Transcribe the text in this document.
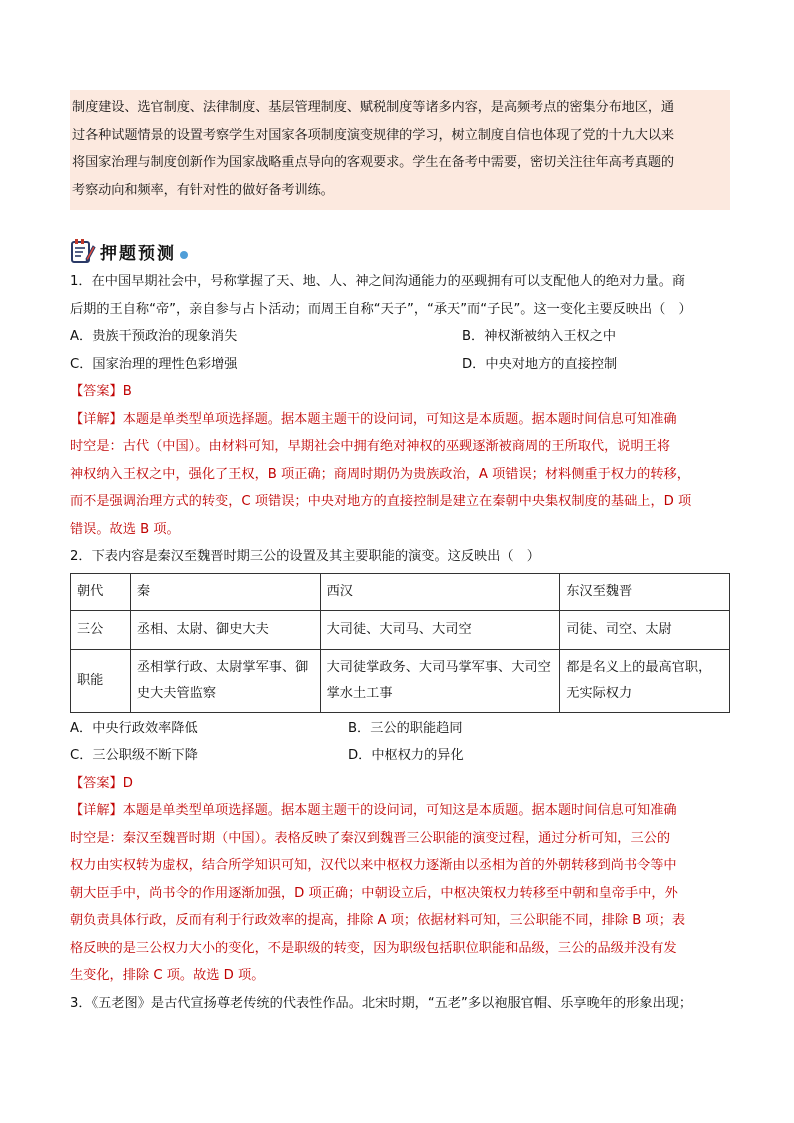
制度建设、选官制度、法律制度、基层管理制度、赋税制度等诸多内容，是高频考点的密集分布地区，通
过各种试题情景的设置考察学生对国家各项制度演变规律的学习，树立制度自信也体现了党的十九大以来
将国家治理与制度创新作为国家战略重点导向的客观要求。学生在备考中需要，密切关注往年高考真题的
考察动向和频率，有针对性的做好备考训练。
押题预测
1．在中国早期社会中，号称掌握了天、地、人、神之间沟通能力的巫觋拥有可以支配他人的绝对力量。商
后期的王自称“帝”，亲自参与占卜活动；而周王自称“天子”，“承天”而“子民”。这一变化主要反映出（　）
A．贵族干预政治的现象消失	B．神权渐被纳入王权之中
C．国家治理的理性色彩增强	D．中央对地方的直接控制
【答案】B
【详解】本题是单类型单项选择题。据本题主题干的设问词，可知这是本质题。据本题时间信息可知准确
时空是：古代（中国）。由材料可知，早期社会中拥有绝对神权的巫觋逐渐被商周的王所取代，说明王将
神权纳入王权之中，强化了王权，B 项正确；商周时期仍为贵族政治，A 项错误；材料侧重于权力的转移，
而不是强调治理方式的转变，C 项错误；中央对地方的直接控制是建立在秦朝中央集权制度的基础上，D 项
错误。故选 B 项。
2．下表内容是秦汉至魏晋时期三公的设置及其主要职能的演变。这反映出（　）
朝代	秦	西汉	东汉至魏晋
三公	丞相、太尉、御史大夫	大司徒、大司马、大司空	司徒、司空、太尉
职能	丞相掌行政、太尉掌军事、御史大夫管监察	大司徒掌政务、大司马掌军事、大司空掌水土工事	都是名义上的最高官职，无实际权力
A．中央行政效率降低	B．三公的职能趋同
C．三公职级不断下降	D．中枢权力的异化
【答案】D
【详解】本题是单类型单项选择题。据本题主题干的设问词，可知这是本质题。据本题时间信息可知准确
时空是：秦汉至魏晋时期（中国）。表格反映了秦汉到魏晋三公职能的演变过程，通过分析可知，三公的
权力由实权转为虚权，结合所学知识可知，汉代以来中枢权力逐渐由以丞相为首的外朝转移到尚书令等中
朝大臣手中，尚书令的作用逐渐加强，D 项正确；中朝设立后，中枢决策权力转移至中朝和皇帝手中，外
朝负责具体行政，反而有利于行政效率的提高，排除 A 项；依据材料可知，三公职能不同，排除 B 项；表
格反映的是三公权力大小的变化，不是职级的转变，因为职级包括职位职能和品级，三公的品级并没有发
生变化，排除 C 项。故选 D 项。
3．《五老图》是古代宣扬尊老传统的代表性作品。北宋时期，“五老”多以袍服官帽、乐享晚年的形象出现；
